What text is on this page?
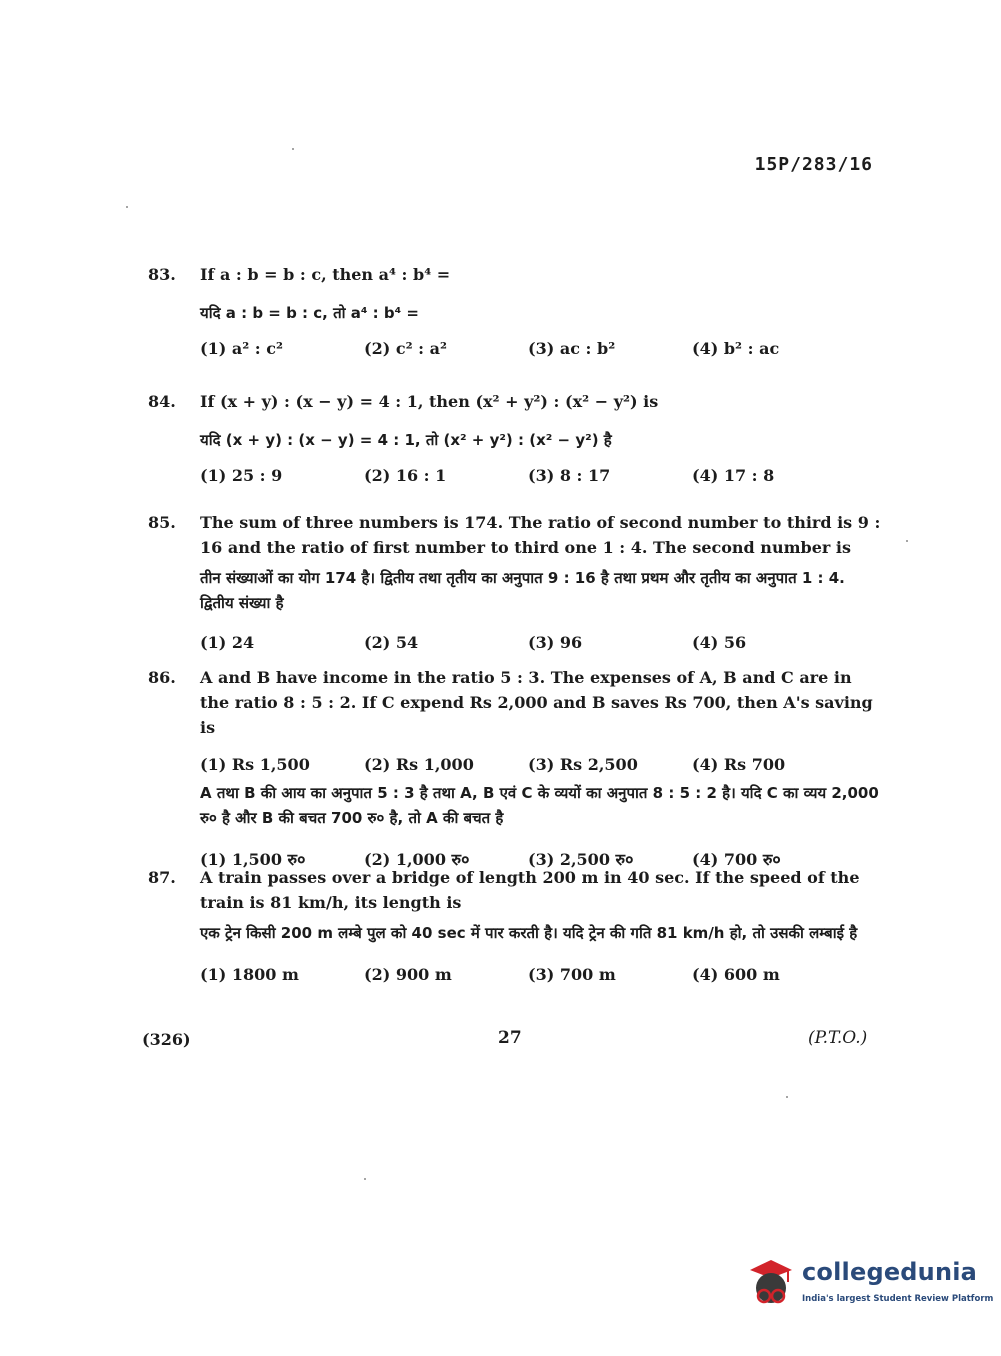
15P/283/16
83. If a : b = b : c, then a⁴ : b⁴ =
यदि a : b = b : c, तो a⁴ : b⁴ =
(1) a² : c²	(2) c² : a²	(3) ac : b²	(4) b² : ac
84. If (x + y) : (x − y) = 4 : 1, then (x² + y²) : (x² − y²) is
यदि (x + y) : (x − y) = 4 : 1, तो (x² + y²) : (x² − y²) है
(1) 25 : 9	(2) 16 : 1	(3) 8 : 17	(4) 17 : 8
85. The sum of three numbers is 174. The ratio of second number to third is 9 : 16 and the ratio of first number to third one 1 : 4. The second number is
तीन संख्याओं का योग 174 है। द्वितीय तथा तृतीय का अनुपात 9 : 16 है तथा प्रथम और तृतीय का अनुपात 1 : 4. द्वितीय संख्या है
(1) 24	(2) 54	(3) 96	(4) 56
86. A and B have income in the ratio 5 : 3. The expenses of A, B and C are in the ratio 8 : 5 : 2. If C expend Rs 2,000 and B saves Rs 700, then A's saving is
(1) Rs 1,500	(2) Rs 1,000	(3) Rs 2,500	(4) Rs 700
A तथा B की आय का अनुपात 5 : 3 है तथा A, B एवं C के व्ययों का अनुपात 8 : 5 : 2 है। यदि C का व्यय 2,000 रु० है और B की बचत 700 रु० है, तो A की बचत है
(1) 1,500 रु०	(2) 1,000 रु०	(3) 2,500 रु०	(4) 700 रु०
87. A train passes over a bridge of length 200 m in 40 sec. If the speed of the train is 81 km/h, its length is
एक ट्रेन किसी 200 m लम्बे पुल को 40 sec में पार करती है। यदि ट्रेन की गति 81 km/h हो, तो उसकी लम्बाई है
(1) 1800 m	(2) 900 m	(3) 700 m	(4) 600 m
(326)	27	(P.T.O.)
collegedunia
India's largest Student Review Platform
